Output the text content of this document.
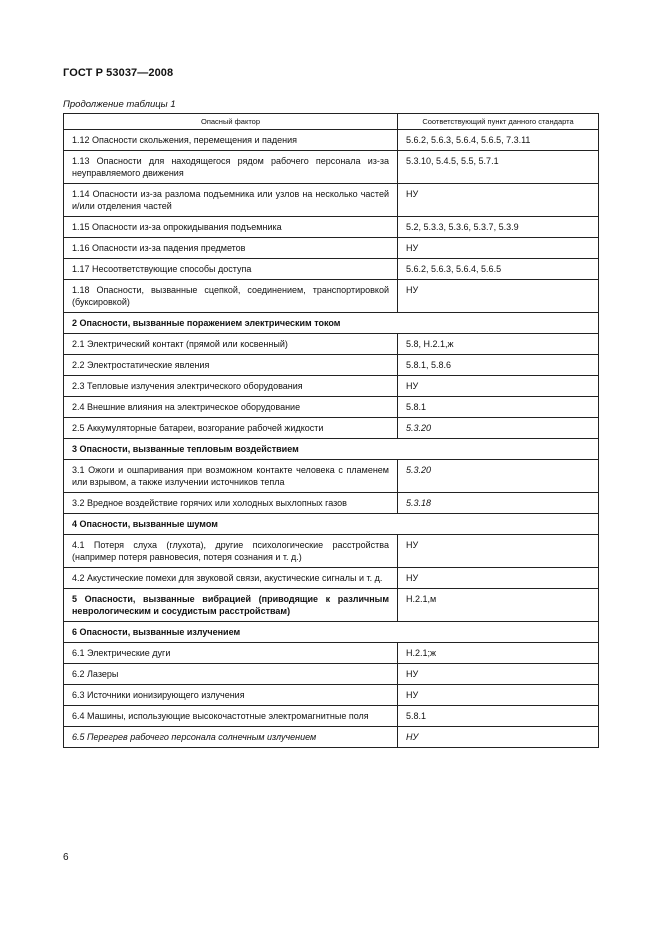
ГОСТ Р 53037—2008
Продолжение таблицы 1
Опасный фактор	Соответствующий пункт данного стандарта
1.12 Опасности скольжения, перемещения и падения	5.6.2, 5.6.3, 5.6.4, 5.6.5, 7.3.11
1.13 Опасности для находящегося рядом рабочего персонала из-за неуправляемого движения	5.3.10, 5.4.5, 5.5, 5.7.1
1.14 Опасности из-за разлома подъемника или узлов на несколько частей и/или отделения частей	НУ
1.15 Опасности из-за опрокидывания подъемника	5.2, 5.3.3, 5.3.6, 5.3.7, 5.3.9
1.16 Опасности из-за падения предметов	НУ
1.17 Несоответствующие способы доступа	5.6.2, 5.6.3, 5.6.4, 5.6.5
1.18 Опасности, вызванные сцепкой, соединением, транспортировкой (буксировкой)	НУ
2 Опасности, вызванные поражением электрическим током	
2.1 Электрический контакт (прямой или косвенный)	5.8, Н.2.1,ж
2.2 Электростатические явления	5.8.1, 5.8.6
2.3 Тепловые излучения электрического оборудования	НУ
2.4 Внешние влияния на электрическое оборудование	5.8.1
2.5 Аккумуляторные батареи, возгорание рабочей жидкости	5.3.20
3 Опасности, вызванные тепловым воздействием	
3.1 Ожоги и ошпаривания при возможном контакте человека с пламенем или взрывом, а также излучении источников тепла	5.3.20
3.2 Вредное воздействие горячих или холодных выхлопных газов	5.3.18
4 Опасности, вызванные шумом	
4.1 Потеря слуха (глухота), другие психологические расстройства (например потеря равновесия, потеря сознания и т. д.)	НУ
4.2 Акустические помехи для звуковой связи, акустические сигналы и т. д.	НУ
5 Опасности, вызванные вибрацией (приводящие к различным неврологическим и сосудистым расстройствам)	Н.2.1,м
6 Опасности, вызванные излучением	
6.1 Электрические дуги	Н.2.1;ж
6.2 Лазеры	НУ
6.3 Источники ионизирующего излучения	НУ
6.4 Машины, использующие высокочастотные электромагнитные поля	5.8.1
6.5 Перегрев рабочего персонала солнечным излучением	НУ
6
